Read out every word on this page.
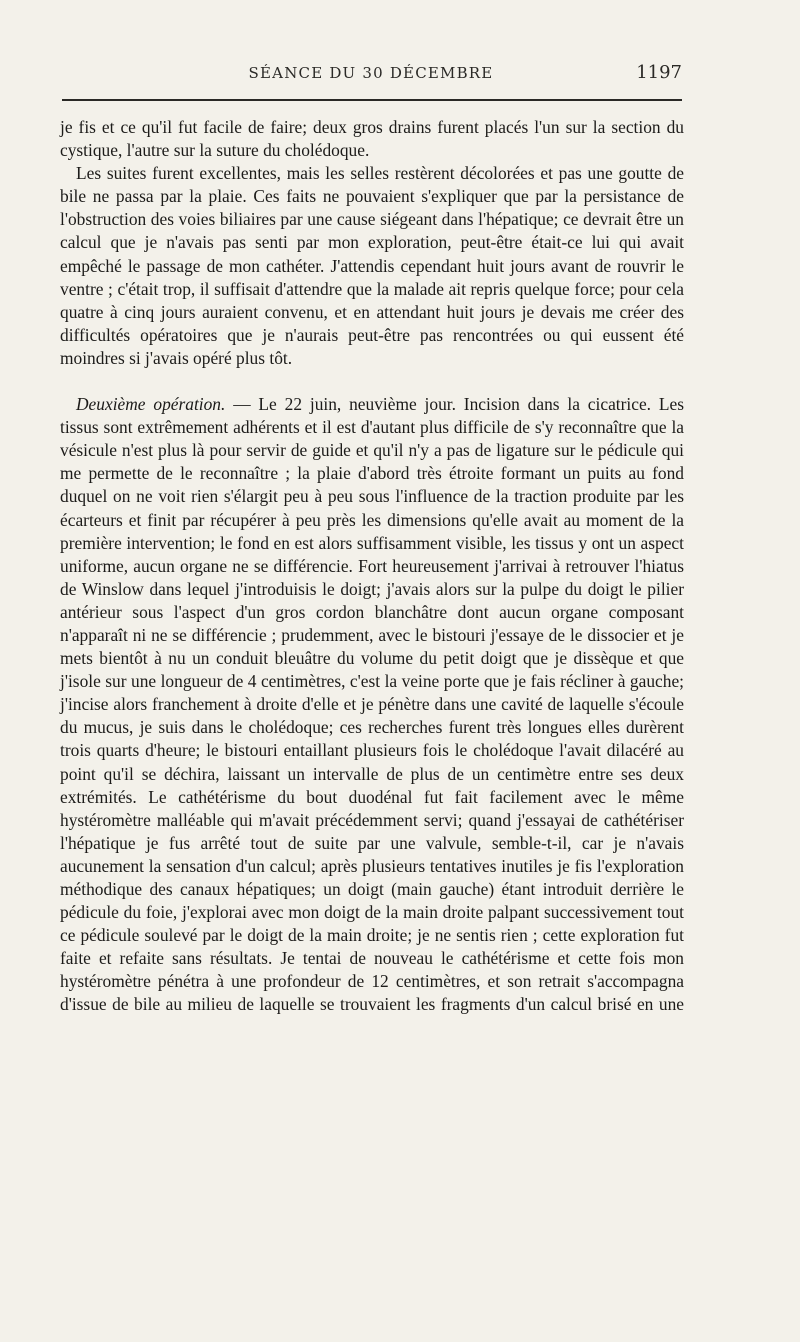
SÉANCE DU 30 DÉCEMBRE	1197

je fis et ce qu'il fut facile de faire; deux gros drains furent placés l'un sur la section du cystique, l'autre sur la suture du cholédoque.

Les suites furent excellentes, mais les selles restèrent décolorées et pas une goutte de bile ne passa par la plaie. Ces faits ne pouvaient s'expliquer que par la persistance de l'obstruction des voies biliaires par une cause siégeant dans l'hépatique; ce devrait être un calcul que je n'avais pas senti par mon exploration, peut-être était-ce lui qui avait empêché le passage de mon cathéter. J'attendis cependant huit jours avant de rouvrir le ventre ; c'était trop, il suffisait d'attendre que la malade ait repris quelque force; pour cela quatre à cinq jours auraient convenu, et en attendant huit jours je devais me créer des difficultés opératoires que je n'aurais peut-être pas rencontrées ou qui eussent été moindres si j'avais opéré plus tôt.

Deuxième opération. — Le 22 juin, neuvième jour. Incision dans la cicatrice. Les tissus sont extrêmement adhérents et il est d'autant plus difficile de s'y reconnaître que la vésicule n'est plus là pour servir de guide et qu'il n'y a pas de ligature sur le pédicule qui me permette de le reconnaître ; la plaie d'abord très étroite formant un puits au fond duquel on ne voit rien s'élargit peu à peu sous l'influence de la traction produite par les écarteurs et finit par récupérer à peu près les dimensions qu'elle avait au moment de la première intervention; le fond en est alors suffisamment visible, les tissus y ont un aspect uniforme, aucun organe ne se différencie. Fort heureusement j'arrivai à retrouver l'hiatus de Winslow dans lequel j'introduisis le doigt; j'avais alors sur la pulpe du doigt le pilier antérieur sous l'aspect d'un gros cordon blanchâtre dont aucun organe composant n'apparaît ni ne se différencie ; prudemment, avec le bistouri j'essaye de le dissocier et je mets bientôt à nu un conduit bleuâtre du volume du petit doigt que je dissèque et que j'isole sur une longueur de 4 centimètres, c'est la veine porte que je fais récliner à gauche; j'incise alors franchement à droite d'elle et je pénètre dans une cavité de laquelle s'écoule du mucus, je suis dans le cholédoque; ces recherches furent très longues elles durèrent trois quarts d'heure; le bistouri entaillant plusieurs fois le cholédoque l'avait dilacéré au point qu'il se déchira, laissant un intervalle de plus de un centimètre entre ses deux extrémités. Le cathétérisme du bout duodénal fut fait facilement avec le même hystéromètre malléable qui m'avait précédemment servi; quand j'essayai de cathétériser l'hépatique je fus arrêté tout de suite par une valvule, semble-t-il, car je n'avais aucunement la sensation d'un calcul; après plusieurs tentatives inutiles je fis l'exploration méthodique des canaux hépatiques; un doigt (main gauche) étant introduit derrière le pédicule du foie, j'explorai avec mon doigt de la main droite palpant successivement tout ce pédicule soulevé par le doigt de la main droite; je ne sentis rien ; cette exploration fut faite et refaite sans résultats. Je tentai de nouveau le cathétérisme et cette fois mon hystéromètre pénétra à une profondeur de 12 centimètres, et son retrait s'accompagna d'issue de bile au milieu de laquelle se trouvaient les fragments d'un calcul brisé en une
